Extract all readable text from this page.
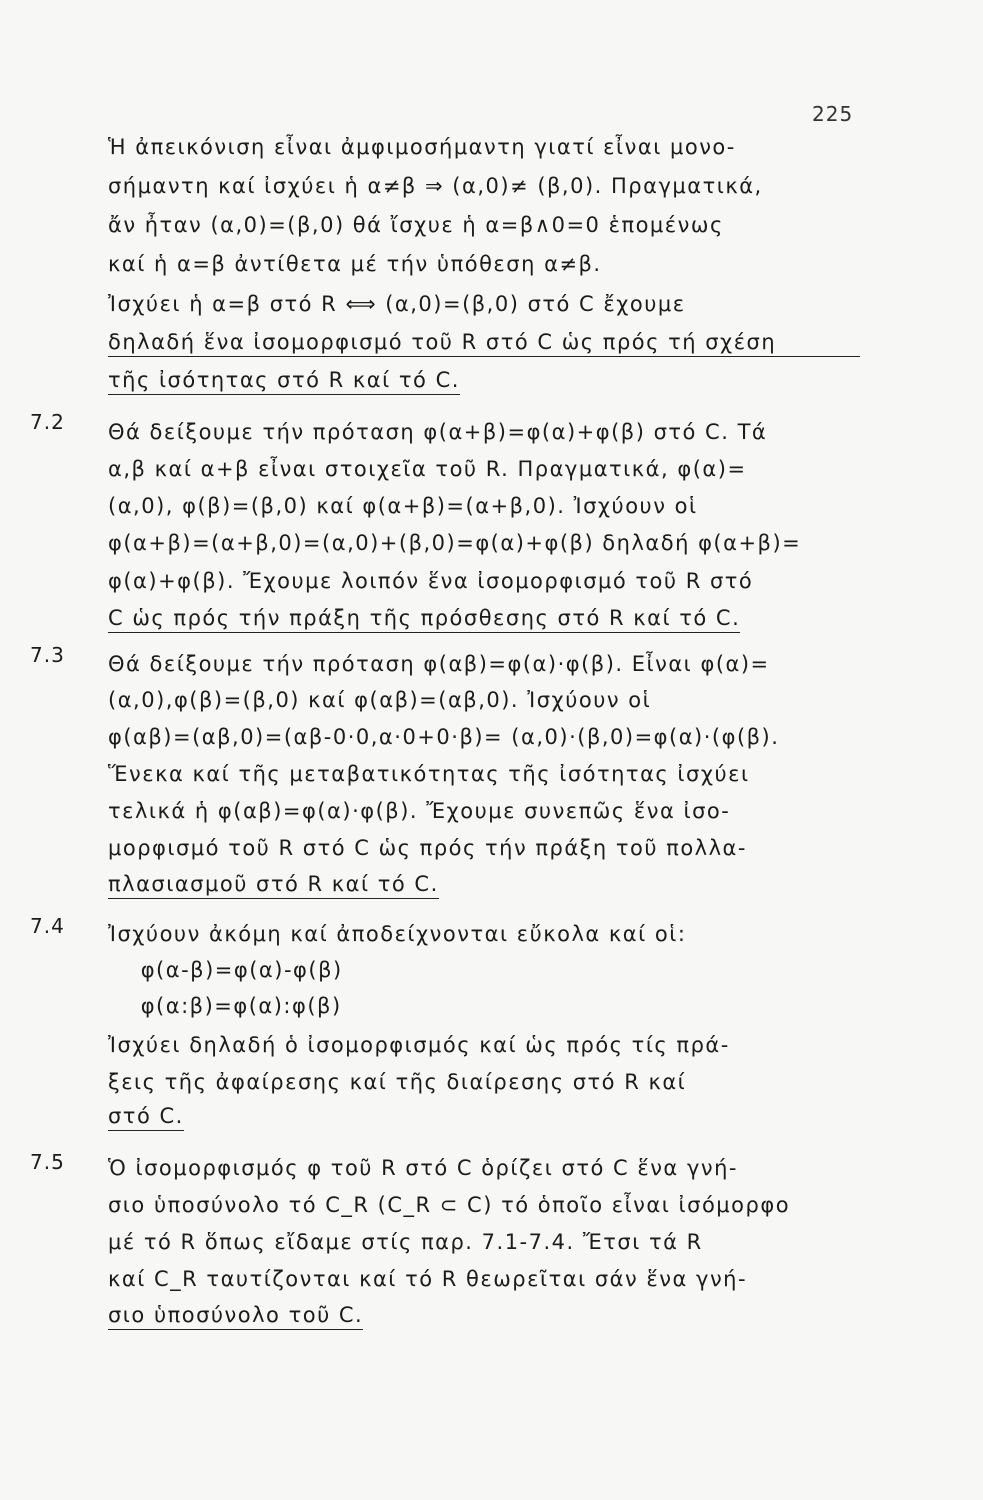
225
Ἡ ἀπεικόνιση εἶναι ἀμφιμοσήμαντη γιατί εἶναι μονο-
σήμαντη καί ἰσχύει ἡ α≠β ⇒ (α,0)≠ (β,0). Πραγματικά,
ἄν ἦταν (α,0)=(β,0) θά ἴσχυε ἡ α=β∧0=0 ἑπομένως
καί ἡ α=β ἀντίθετα μέ τήν ὑπόθεση α≠β.
Ἰσχύει ἡ α=β στό R ⟺ (α,0)=(β,0) στό C ἔχουμε
δηλαδή ἕνα ἰσομορφισμό τοῦ R στό C ὡς πρός τή σχέση
τῆς ἰσότητας στό R καί τό C.
7.2 Θά δείξουμε τήν πρόταση φ(α+β)=φ(α)+φ(β) στό C. Τά
α,β καί α+β εἶναι στοιχεῖα τοῦ R. Πραγματικά, φ(α)=
(α,0), φ(β)=(β,0) καί φ(α+β)=(α+β,0). Ἰσχύουν οἱ
φ(α+β)=(α+β,0)=(α,0)+(β,0)=φ(α)+φ(β) δηλαδή φ(α+β)=
φ(α)+φ(β). Ἔχουμε λοιπόν ἕνα ἰσομορφισμό τοῦ R στό
C ὡς πρός τήν πράξη τῆς πρόσθεσης στό R καί τό C.
7.3 Θά δείξουμε τήν πρόταση φ(αβ)=φ(α)·φ(β). Εἶναι φ(α)=
(α,0),φ(β)=(β,0) καί φ(αβ)=(αβ,0). Ἰσχύουν οἱ
φ(αβ)=(αβ,0)=(αβ-0·0,α·0+0·β)= (α,0)·(β,0)=φ(α)·(φ(β).
Ἕνεκα καί τῆς μεταβατικότητας τῆς ἰσότητας ἰσχύει
τελικά ἡ φ(αβ)=φ(α)·φ(β). Ἔχουμε συνεπῶς ἕνα ἰσο-
μορφισμό τοῦ R στό C ὡς πρός τήν πράξη τοῦ πολλα-
πλασιασμοῦ στό R καί τό C.
7.4 Ἰσχύουν ἀκόμη καί ἀποδείχνονται εὔκολα καί οἱ:
φ(α-β)=φ(α)-φ(β)
φ(α:β)=φ(α):φ(β)
Ἰσχύει δηλαδή ὁ ἰσομορφισμός καί ὡς πρός τίς πρά-
ξεις τῆς ἀφαίρεσης καί τῆς διαίρεσης στό R καί
στό C.
7.5 Ὁ ἰσομορφισμός φ τοῦ R στό C ὁρίζει στό C ἕνα γνή-
σιο ὑποσύνολο τό C_R (C_R ⊂ C) τό ὁποῖο εἶναι ἰσόμορφο
μέ τό R ὅπως εἴδαμε στίς παρ. 7.1-7.4. Ἔτσι τά R
καί C_R ταυτίζονται καί τό R θεωρεῖται σάν ἕνα γνή-
σιο ὑποσύνολο τοῦ C.
